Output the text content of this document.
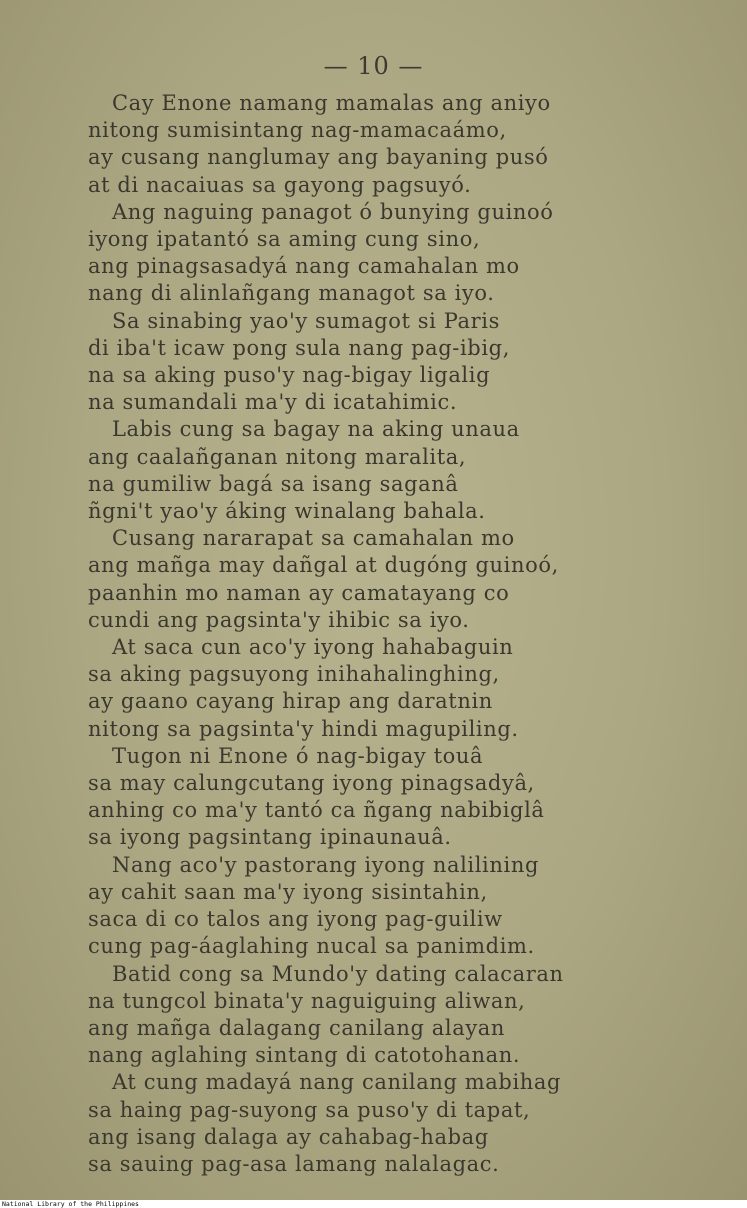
— 10 —
Cay Enone namang mamalas ang aniyo
nitong sumisintang nag-mamacaámo,
ay cusang nanglumay ang bayaning pusó
at di nacaiuas sa gayong pagsuyó.
Ang naguing panagot ó bunying guinoó
iyong ipatantó sa aming cung sino,
ang pinagsasadyá nang camahalan mo
nang di alinlañgang managot sa iyo.
Sa sinabing yao'y sumagot si Paris
di iba't icaw pong sula nang pag-ibig,
na sa aking puso'y nag-bigay ligalig
na sumandali ma'y di icatahimic.
Labis cung sa bagay na aking unaua
ang caalañganan nitong maralita,
na gumiliw bagá sa isang saganâ
ñgni't yao'y áking winalang bahala.
Cusang nararapat sa camahalan mo
ang mañga may dañgal at dugóng guinoó,
paanhin mo naman ay camatayang co
cundi ang pagsinta'y ihibic sa iyo.
At saca cun aco'y iyong hahabaguin
sa aking pagsuyong inihahalinghing,
ay gaano cayang hirap ang daratnin
nitong sa pagsinta'y hindi magupiling.
Tugon ni Enone ó nag-bigay touâ
sa may calungcutang iyong pinagsadyâ,
anhing co ma'y tantó ca ñgang nabibiglâ
sa iyong pagsintang ipinaunauâ.
Nang aco'y pastorang iyong nalilining
ay cahit saan ma'y iyong sisintahin,
saca di co talos ang iyong pag-guiliw
cung pag-áaglahing nucal sa panimdim.
Batid cong sa Mundo'y dating calacaran
na tungcol binata'y naguiguing aliwan,
ang mañga dalagang canilang alayan
nang aglahing sintang di catotohanan.
At cung madayá nang canilang mabihag
sa haing pag-suyong sa puso'y di tapat,
ang isang dalaga ay cahabag-habag
sa sauing pag-asa lamang nalalagac.
National Library of the Philippines
